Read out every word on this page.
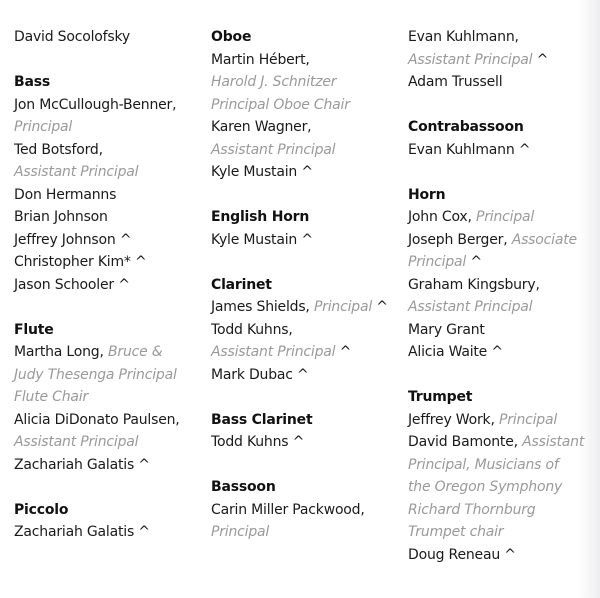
David Socolofsky
Bass
Jon McCullough-Benner,
Principal
Ted Botsford,
Assistant Principal
Don Hermanns
Brian Johnson
Jeffrey Johnson ^
Christopher Kim* ^
Jason Schooler ^
Flute
Martha Long, Bruce &
Judy Thesenga Principal
Flute Chair
Alicia DiDonato Paulsen,
Assistant Principal
Zachariah Galatis ^
Piccolo
Zachariah Galatis ^
Oboe
Martin Hébert,
Harold J. Schnitzer
Principal Oboe Chair
Karen Wagner,
Assistant Principal
Kyle Mustain ^
English Horn
Kyle Mustain ^
Clarinet
James Shields, Principal ^
Todd Kuhns,
Assistant Principal ^
Mark Dubac ^
Bass Clarinet
Todd Kuhns ^
Bassoon
Carin Miller Packwood,
Principal
Evan Kuhlmann,
Assistant Principal ^
Adam Trussell
Contrabassoon
Evan Kuhlmann ^
Horn
John Cox, Principal
Joseph Berger, Associate
Principal ^
Graham Kingsbury,
Assistant Principal
Mary Grant
Alicia Waite ^
Trumpet
Jeffrey Work, Principal
David Bamonte, Assistant
Principal, Musicians of
the Oregon Symphony
Richard Thornburg
Trumpet chair
Doug Reneau ^
